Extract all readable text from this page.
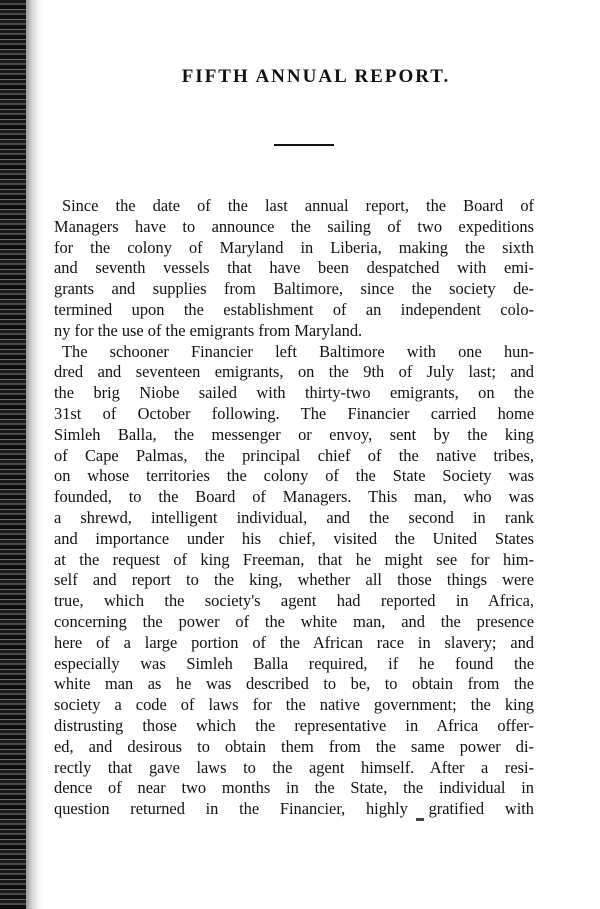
FIFTH ANNUAL REPORT.
Since the date of the last annual report, the Board of
Managers have to announce the sailing of two expeditions
for the colony of Maryland in Liberia, making the sixth
and seventh vessels that have been despatched with emi-
grants and supplies from Baltimore, since the society de-
termined upon the establishment of an independent colo-
ny for the use of the emigrants from Maryland.
The schooner Financier left Baltimore with one hun-
dred and seventeen emigrants, on the 9th of July last; and
the brig Niobe sailed with thirty-two emigrants, on the
31st of October following. The Financier carried home
Simleh Balla, the messenger or envoy, sent by the king
of Cape Palmas, the principal chief of the native tribes,
on whose territories the colony of the State Society was
founded, to the Board of Managers. This man, who was
a shrewd, intelligent individual, and the second in rank
and importance under his chief, visited the United States
at the request of king Freeman, that he might see for him-
self and report to the king, whether all those things were
true, which the society's agent had reported in Africa,
concerning the power of the white man, and the presence
here of a large portion of the African race in slavery; and
especially was Simleh Balla required, if he found the
white man as he was described to be, to obtain from the
society a code of laws for the native government; the king
distrusting those which the representative in Africa offer-
ed, and desirous to obtain them from the same power di-
rectly that gave laws to the agent himself. After a resi-
dence of near two months in the State, the individual in
question returned in the Financier, highly gratified with
